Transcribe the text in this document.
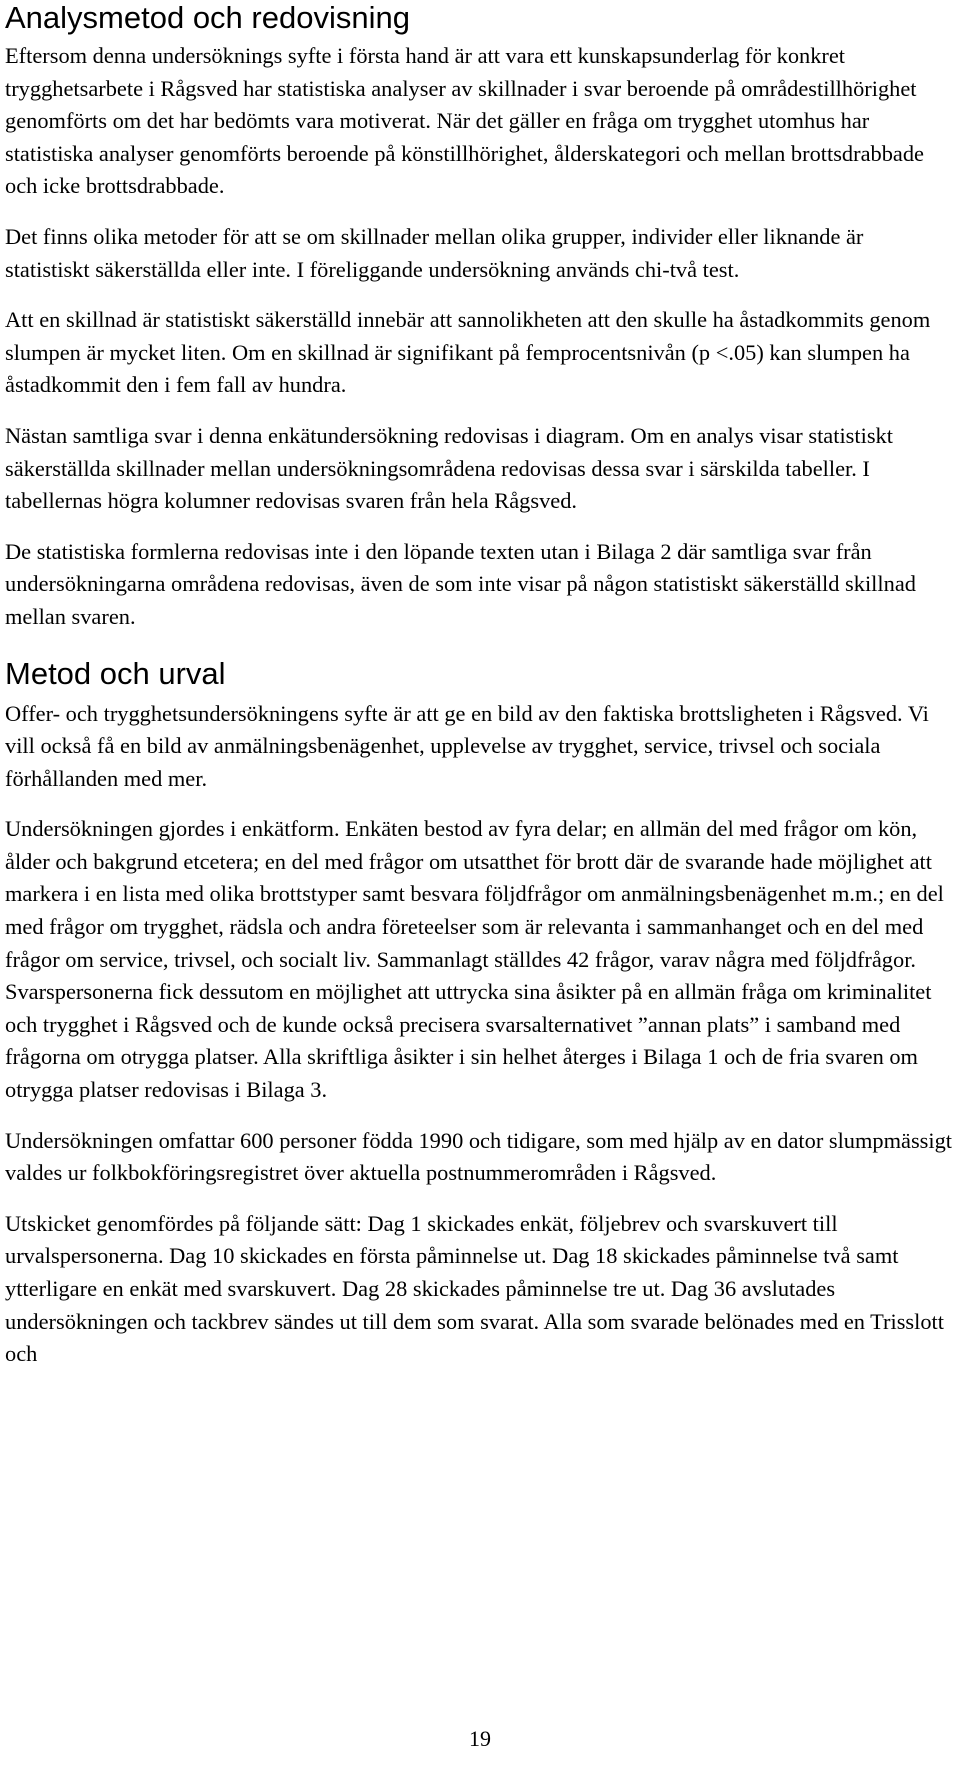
Analysmetod och redovisning

Eftersom denna undersöknings syfte i första hand är att vara ett kunskapsunderlag för konkret trygghetsarbete i Rågsved har statistiska analyser av skillnader i svar beroende på områdestillhörighet genomförts om det har bedömts vara motiverat. När det gäller en fråga om trygghet utomhus har statistiska analyser genomförts beroende på könstillhörighet, ålderskategori och mellan brottsdrabbade och icke brottsdrabbade.

Det finns olika metoder för att se om skillnader mellan olika grupper, individer eller liknande är statistiskt säkerställda eller inte. I föreliggande undersökning används chi-två test.

Att en skillnad är statistiskt säkerställd innebär att sannolikheten att den skulle ha åstadkommits genom slumpen är mycket liten. Om en skillnad är signifikant på femprocentsnivån (p <.05) kan slumpen ha åstadkommit den i fem fall av hundra.

Nästan samtliga svar i denna enkätundersökning redovisas i diagram. Om en analys visar statistiskt säkerställda skillnader mellan undersökningsområdena redovisas dessa svar i särskilda tabeller. I tabellernas högra kolumner redovisas svaren från hela Rågsved.

De statistiska formlerna redovisas inte i den löpande texten utan i Bilaga 2 där samtliga svar från undersökningarna områdena redovisas, även de som inte visar på någon statistiskt säkerställd skillnad mellan svaren.

Metod och urval

Offer- och trygghetsundersökningens syfte är att ge en bild av den faktiska brottsligheten i Rågsved. Vi vill också få en bild av anmälningsbenägenhet, upplevelse av trygghet, service, trivsel och sociala förhållanden med mer.

Undersökningen gjordes i enkätform. Enkäten bestod av fyra delar; en allmän del med frågor om kön, ålder och bakgrund etcetera; en del med frågor om utsatthet för brott där de svarande hade möjlighet att markera i en lista med olika brottstyper samt besvara följdfrågor om anmälningsbenägenhet m.m.; en del med frågor om trygghet, rädsla och andra företeelser som är relevanta i sammanhanget och en del med frågor om service, trivsel, och socialt liv. Sammanlagt ställdes 42 frågor, varav några med följdfrågor. Svarspersonerna fick dessutom en möjlighet att uttrycka sina åsikter på en allmän fråga om kriminalitet och trygghet i Rågsved och de kunde också precisera svarsalternativet ”annan plats” i samband med frågorna om otrygga platser. Alla skriftliga åsikter i sin helhet återges i Bilaga 1 och de fria svaren om otrygga platser redovisas i Bilaga 3.

Undersökningen omfattar 600 personer födda 1990 och tidigare, som med hjälp av en dator slumpmässigt valdes ur folkbokföringsregistret över aktuella postnummerområden i Rågsved.

Utskicket genomfördes på följande sätt: Dag 1 skickades enkät, följebrev och svarskuvert till urvalspersonerna. Dag 10 skickades en första påminnelse ut. Dag 18 skickades påminnelse två samt ytterligare en enkät med svarskuvert. Dag 28 skickades påminnelse tre ut. Dag 36 avslutades undersökningen och tackbrev sändes ut till dem som svarat. Alla som svarade belönades med en Trisslott och

19
